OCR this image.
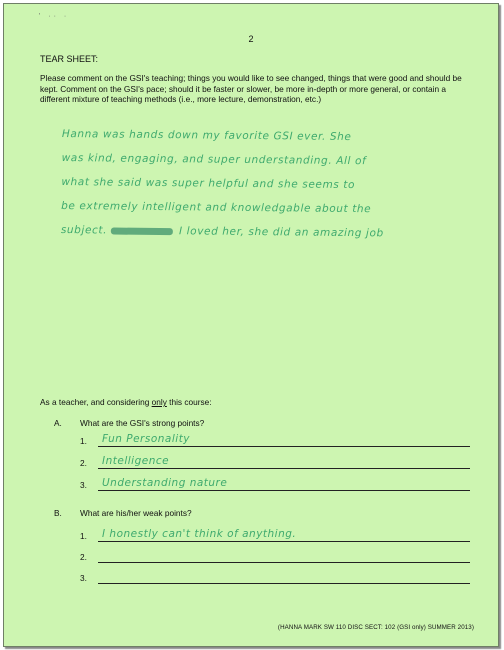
' ·· ·
2
TEAR SHEET:
Please comment on the GSI's teaching; things you would like to see changed, things that were good and should be kept. Comment on the GSI's pace; should it be faster or slower, be more in-depth or more general, or contain a different mixture of teaching methods (i.e., more lecture, demonstration, etc.)
Hanna was hands down my favorite GSI ever. She
was kind, engaging, and super understanding. All of
what she said was super helpful and she seems to
be extremely intelligent and knowledgable about the
subject.	I loved her, she did an amazing job
As a teacher, and considering only this course:
A. What are the GSI's strong points?
1. Fun Personality
2. Intelligence
3. Understanding nature
B. What are his/her weak points?
1. I honestly can't think of anything.
2.
3.
(HANNA MARK SW 110 DISC SECT: 102 (GSI only) SUMMER 2013)
